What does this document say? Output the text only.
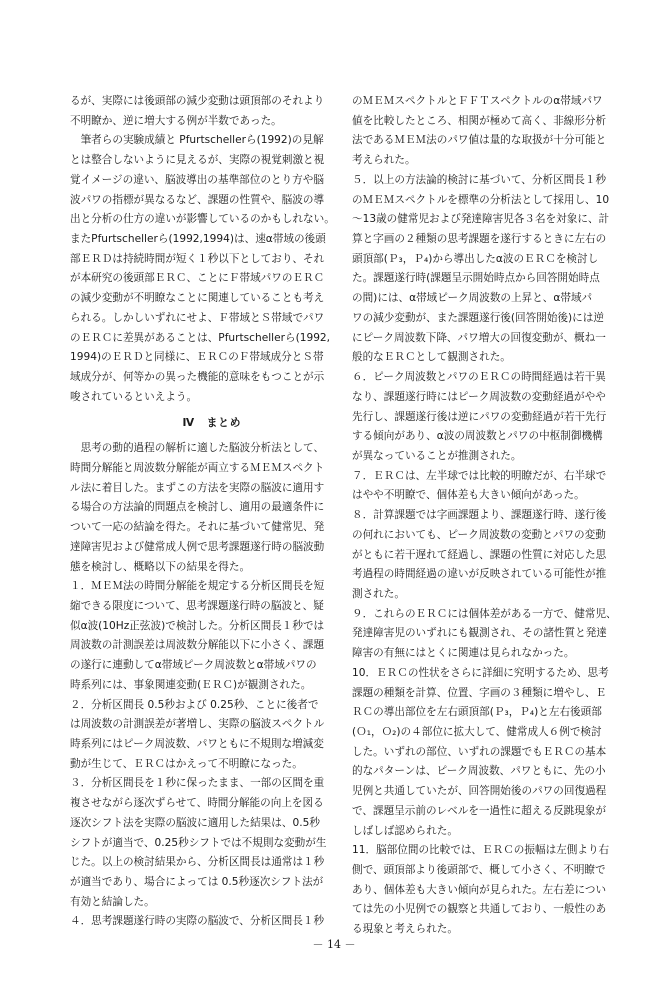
るが、実際には後頭部の減少変動は頭頂部のそれより
不明瞭か、逆に増大する例が半数であった。

　筆者らの実験成績と Pfurtschellerら(1992)の見解
とは整合しないように見えるが、実際の視覚刺激と視
覚イメージの違い、脳波導出の基準部位のとり方や脳
波パワの指標が異なるなど、課題の性質や、脳波の導
出と分析の仕方の違いが影響しているのかもしれない。
またPfurtschellerら(1992,1994)は、速α帯域の後頭
部ＥＲＤは持続時間が短く１秒以下としており、それ
が本研究の後頭部ＥＲＣ、ことにＦ帯域パワのＥＲＣ
の減少変動が不明瞭なことに関連していることも考え
られる。しかしいずれにせよ、Ｆ帯域とＳ帯域でパワ
のＥＲＣに差異があることは、Pfurtschellerら(1992,
1994)のＥＲＤと同様に、ＥＲＣのＦ帯域成分とＳ帯
域成分が、何等かの異った機能的意味をもつことが示
唆されているといえよう。

Ⅳ　まとめ

　思考の動的過程の解析に適した脳波分析法として、
時間分解能と周波数分解能が両立するＭＥＭスペクト
ル法に着目した。まずこの方法を実際の脳波に適用す
る場合の方法論的問題点を検討し、適用の最適条件に
ついて一応の結論を得た。それに基づいて健常児、発
達障害児および健常成人例で思考課題遂行時の脳波動
態を検討し、概略以下の結果を得た。

１．ＭＥＭ法の時間分解能を規定する分析区間長を短
縮できる限度について、思考課題遂行時の脳波と、疑
似α波(10Hz正弦波)で検討した。分析区間長１秒では
周波数の計測誤差は周波数分解能以下に小さく、課題
の遂行に連動してα帯域ピーク周波数とα帯域パワの
時系列には、事象関連変動(ＥＲＣ)が観測された。

２．分析区間長 0.5秒および 0.25秒、ことに後者で
は周波数の計測誤差が著増し、実際の脳波スペクトル
時系列にはピーク周波数、パワともに不規則な増減変
動が生じて、ＥＲＣはかえって不明瞭になった。

３．分析区間長を１秒に保ったまま、一部の区間を重
複させながら逐次ずらせて、時間分解能の向上を図る
逐次シフト法を実際の脳波に適用した結果は、0.5秒
シフトが適当で、0.25秒シフトでは不規則な変動が生
じた。以上の検討結果から、分析区間長は通常は１秒
が適当であり、場合によっては 0.5秒逐次シフト法が
有効と結論した。

４．思考課題遂行時の実際の脳波で、分析区間長１秒

のＭＥＭスペクトルとＦＦＴスペクトルのα帯域パワ
値を比較したところ、相関が極めて高く、非線形分析
法であるＭＥＭ法のパワ値は量的な取扱が十分可能と
考えられた。

５．以上の方法論的検討に基づいて、分析区間長１秒
のＭＥＭスペクトルを標準の分析法として採用し、10
～13歳の健常児および発達障害児各３名を対象に、計
算と字画の２種類の思考課題を遂行するときに左右の
頭頂部(Ｐ₃，Ｐ₄)から導出したα波のＥＲＣを検討し
た。課題遂行時(課題呈示開始時点から回答開始時点
の間)には、α帯域ピーク周波数の上昇と、α帯域パ
ワの減少変動が、また課題遂行後(回答開始後)には逆
にピーク周波数下降、パワ増大の回復変動が、概ね一
般的なＥＲＣとして観測された。

６．ピーク周波数とパワのＥＲＣの時間経過は若干異
なり、課題遂行時にはピーク周波数の変動経過がやや
先行し、課題遂行後は逆にパワの変動経過が若干先行
する傾向があり、α波の周波数とパワの中枢制御機構
が異なっていることが推測された。

７．ＥＲＣは、左半球では比較的明瞭だが、右半球で
はやや不明瞭で、個体差も大きい傾向があった。

８．計算課題では字画課題より、課題遂行時、遂行後
の何れにおいても、ピーク周波数の変動とパワの変動
がともに若干遅れて経過し、課題の性質に対応した思
考過程の時間経過の違いが反映されている可能性が推
測された。

９．これらのＥＲＣには個体差がある一方で、健常児、
発達障害児のいずれにも観測され、その諸性質と発達
障害の有無にはとくに関連は見られなかった。

10．ＥＲＣの性状をさらに詳細に究明するため、思考
課題の種類を計算、位置、字画の３種類に増やし、Ｅ
ＲＣの導出部位を左右頭頂部(Ｐ₃，Ｐ₄)と左右後頭部
(Ｏ₁，Ｏ₂)の４部位に拡大して、健常成人６例で検討
した。いずれの部位、いずれの課題でもＥＲＣの基本
的なパターンは、ピーク周波数、パワともに、先の小
児例と共通していたが、回答開始後のパワの回復過程
で、課題呈示前のレベルを一過性に超える反跳現象が
しばしば認められた。

11．脳部位間の比較では、ＥＲＣの振幅は左側より右
側で、頭頂部より後頭部で、概して小さく、不明瞭で
あり、個体差も大きい傾向が見られた。左右差につい
ては先の小児例での観察と共通しており、一般性のあ
る現象と考えられた。

－ 14 －
